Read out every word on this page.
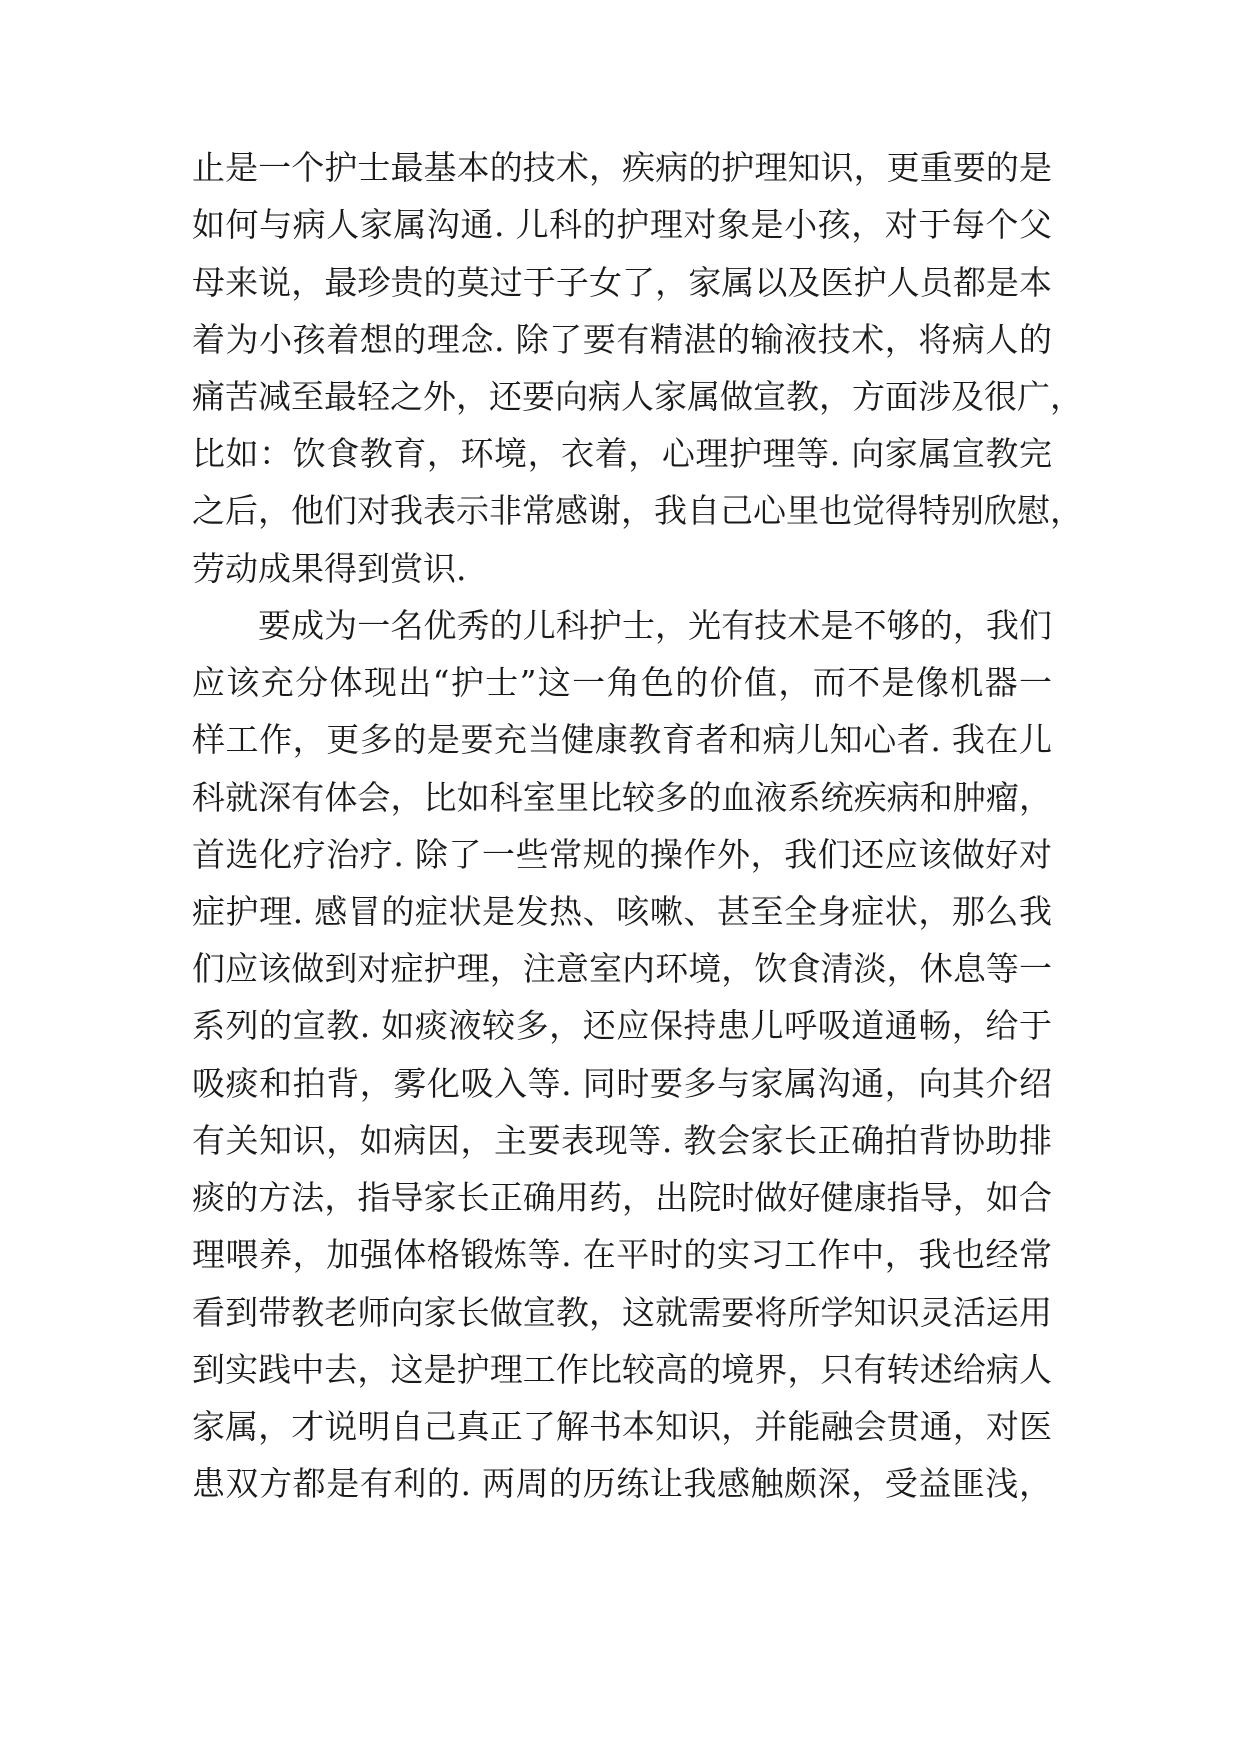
止是一个护士最基本的技术，疾病的护理知识，更重要的是
如何与病人家属沟通. 儿科的护理对象是小孩，对于每个父
母来说，最珍贵的莫过于子女了，家属以及医护人员都是本
着为小孩着想的理念. 除了要有精湛的输液技术，将病人的
痛苦减至最轻之外，还要向病人家属做宣教，方面涉及很广，
比如：饮食教育，环境，衣着，心理护理等. 向家属宣教完
之后，他们对我表示非常感谢，我自己心里也觉得特别欣慰，
劳动成果得到赏识.
要成为一名优秀的儿科护士，光有技术是不够的，我们
应该充分体现出“护士”这一角色的价值，而不是像机器一
样工作，更多的是要充当健康教育者和病儿知心者. 我在儿
科就深有体会，比如科室里比较多的血液系统疾病和肿瘤，
首选化疗治疗. 除了一些常规的操作外，我们还应该做好对
症护理. 感冒的症状是发热、咳嗽、甚至全身症状，那么我
们应该做到对症护理，注意室内环境，饮食清淡，休息等一
系列的宣教. 如痰液较多，还应保持患儿呼吸道通畅，给于
吸痰和拍背，雾化吸入等. 同时要多与家属沟通，向其介绍
有关知识，如病因，主要表现等. 教会家长正确拍背协助排
痰的方法，指导家长正确用药，出院时做好健康指导，如合
理喂养，加强体格锻炼等. 在平时的实习工作中，我也经常
看到带教老师向家长做宣教，这就需要将所学知识灵活运用
到实践中去，这是护理工作比较高的境界，只有转述给病人
家属，才说明自己真正了解书本知识，并能融会贯通，对医
患双方都是有利的. 两周的历练让我感触颇深，受益匪浅，
